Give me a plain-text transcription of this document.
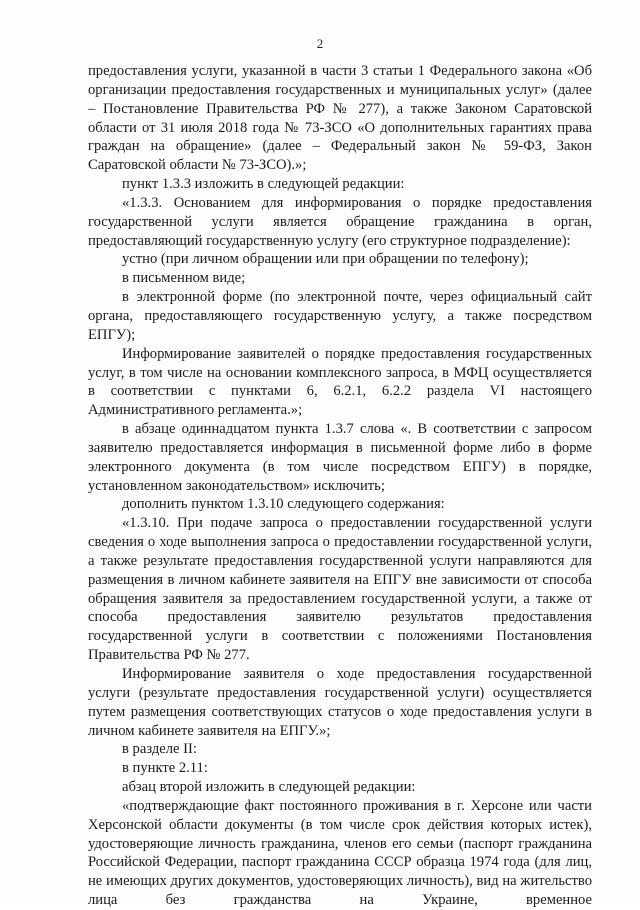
2

предоставления услуги, указанной в части 3 статьи 1 Федерального закона «Об организации предоставления государственных и муниципальных услуг» (далее – Постановление Правительства РФ № 277), а также Законом Саратовской области от 31 июля 2018 года № 73-ЗСО «О дополнительных гарантиях права граждан на обращение» (далее – Федеральный закон № 59-ФЗ, Закон Саратовской области № 73-ЗСО).»;

пункт 1.3.3 изложить в следующей редакции:

«1.3.3. Основанием для информирования о порядке предоставления государственной услуги является обращение гражданина в орган, предоставляющий государственную услугу (его структурное подразделение):

устно (при личном обращении или при обращении по телефону);

в письменном виде;

в электронной форме (по электронной почте, через официальный сайт органа, предоставляющего государственную услугу, а также посредством ЕПГУ);

Информирование заявителей о порядке предоставления государственных услуг, в том числе на основании комплексного запроса, в МФЦ осуществляется в соответствии с пунктами 6, 6.2.1, 6.2.2 раздела VI настоящего Административного регламента.»;

в абзаце одиннадцатом пункта 1.3.7 слова «. В соответствии с запросом заявителю предоставляется информация в письменной форме либо в форме электронного документа (в том числе посредством ЕПГУ) в порядке, установленном законодательством» исключить;

дополнить пунктом 1.3.10 следующего содержания:

«1.3.10. При подаче запроса о предоставлении государственной услуги сведения о ходе выполнения запроса о предоставлении государственной услуги, а также результате предоставления государственной услуги направляются для размещения в личном кабинете заявителя на ЕПГУ вне зависимости от способа обращения заявителя за предоставлением государственной услуги, а также от способа предоставления заявителю результатов предоставления государственной услуги в соответствии с положениями Постановления Правительства РФ № 277.

Информирование заявителя о ходе предоставления государственной услуги (результате предоставления государственной услуги) осуществляется путем размещения соответствующих статусов о ходе предоставления услуги в личном кабинете заявителя на ЕПГУ.»;

в разделе II:

в пункте 2.11:

абзац второй изложить в следующей редакции:

«подтверждающие факт постоянного проживания в г. Херсоне или части Херсонской области документы (в том числе срок действия которых истек), удостоверяющие личность гражданина, членов его семьи (паспорт гражданина Российской Федерации, паспорт гражданина СССР образца 1974 года (для лиц, не имеющих других документов, удостоверяющих личность), вид на жительство лица без гражданства на Украине, временное
